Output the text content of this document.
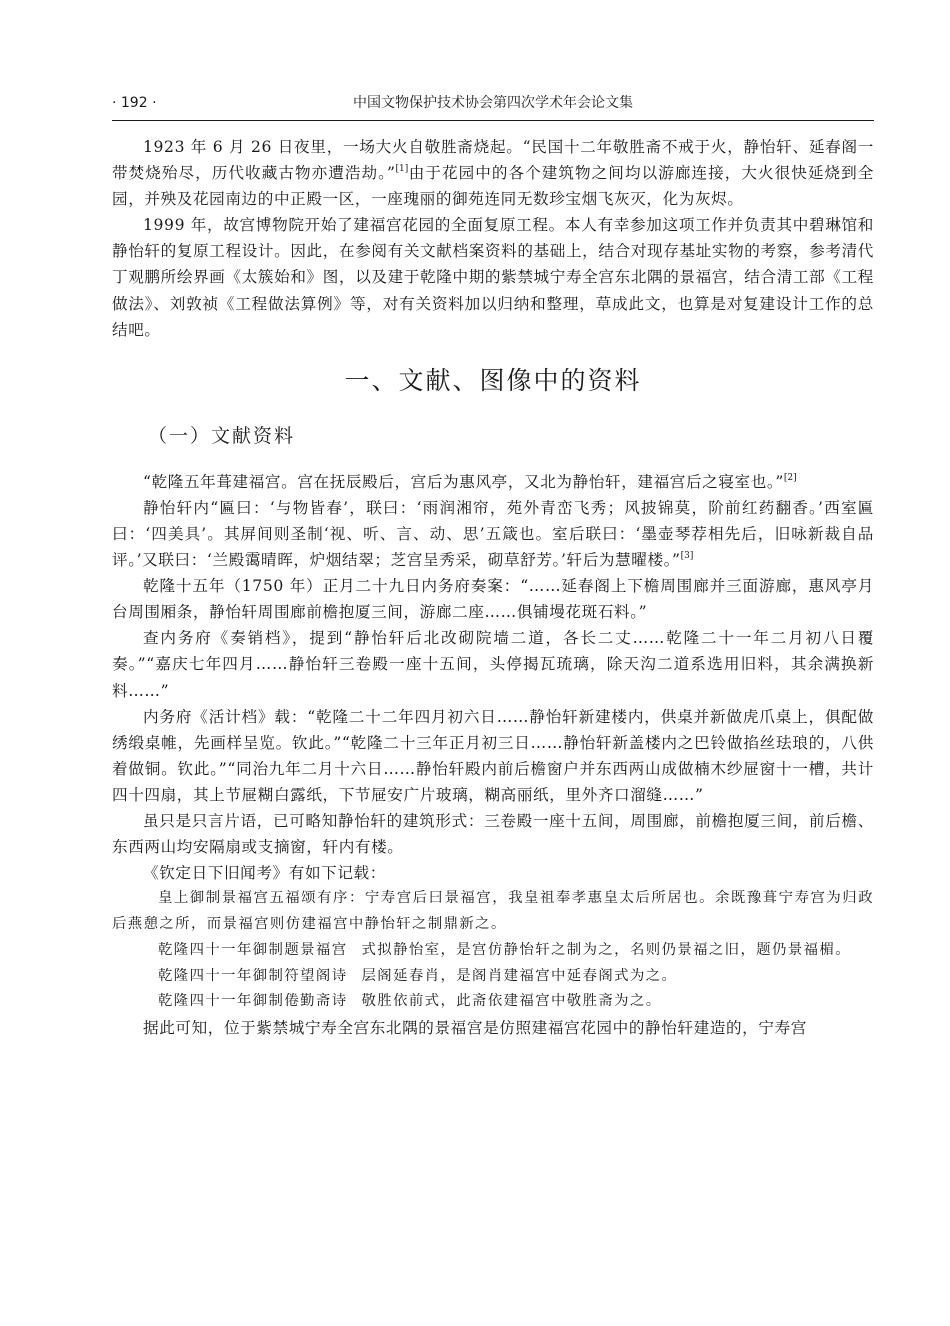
· 192 ·	中国文物保护技术协会第四次学术年会论文集

1923 年 6 月 26 日夜里，一场大火自敬胜斋烧起。“民国十二年敬胜斋不戒于火，静怡轩、延春阁一带焚烧殆尽，历代收藏古物亦遭浩劫。”[1]由于花园中的各个建筑物之间均以游廊连接，大火很快延烧到全园，并殃及花园南边的中正殿一区，一座瑰丽的御苑连同无数珍宝烟飞灰灭，化为灰烬。

1999 年，故宫博物院开始了建福宫花园的全面复原工程。本人有幸参加这项工作并负责其中碧琳馆和静怡轩的复原工程设计。因此，在参阅有关文献档案资料的基础上，结合对现存基址实物的考察，参考清代丁观鹏所绘界画《太簇始和》图，以及建于乾隆中期的紫禁城宁寿全宫东北隅的景福宫，结合清工部《工程做法》、刘敦祯《工程做法算例》等，对有关资料加以归纳和整理，草成此文，也算是对复建设计工作的总结吧。

一、文献、图像中的资料
（一）文献资料

“乾隆五年葺建福宫。宫在抚辰殿后，宫后为惠风亭，又北为静怡轩，建福宫后之寝室也。”[2]

静怡轩内“匾曰：‘与物皆春’，联曰：‘雨润湘帘，苑外青峦飞秀；风披锦莫，阶前红药翻香。’西室匾曰：‘四美具’。其屏间则圣制‘视、听、言、动、思’五箴也。室后联曰：‘墨壶琴荐相先后，旧咏新裁自品评。’又联曰：‘兰殿霭晴晖，炉烟结翠；芝宫呈秀采，砌草舒芳。’轩后为慧曜楼。”[3]

乾隆十五年（1750 年）正月二十九日内务府奏案：“……延春阁上下檐周围廊并三面游廊，惠风亭月台周围厢条，静怡轩周围廊前檐抱厦三间，游廊二座……俱铺墁花斑石料。”

查内务府《奏销档》，提到“静怡轩后北改砌院墙二道，各长二丈……乾隆二十一年二月初八日覆奏。”“嘉庆七年四月……静怡轩三卷殿一座十五间，头停揭瓦琉璃，除天沟二道系选用旧料，其余满换新料……”

内务府《活计档》载：“乾隆二十二年四月初六日……静怡轩新建楼内，供桌并新做虎爪桌上，俱配做绣缎桌帷，先画样呈览。钦此。”“乾隆二十三年正月初三日……静怡轩新盖楼内之巴铃做掐丝珐琅的，八供着做铜。钦此。”“同治九年二月十六日……静怡轩殿内前后檐窗户并东西两山成做楠木纱屉窗十一槽，共计四十四扇，其上节屉糊白露纸，下节屉安广片玻璃，糊高丽纸，里外齐口溜缝……”

虽只是只言片语，已可略知静怡轩的建筑形式：三卷殿一座十五间，周围廊，前檐抱厦三间，前后檐、东西两山均安隔扇或支摘窗，轩内有楼。

《钦定日下旧闻考》有如下记载：

皇上御制景福宫五福颂有序：宁寿宫后曰景福宫，我皇祖奉孝惠皇太后所居也。余既豫葺宁寿宫为归政后燕憩之所，而景福宫则仿建福宫中静怡轩之制鼎新之。

乾隆四十一年御制题景福宫 式拟静怡室，是宫仿静怡轩之制为之，名则仍景福之旧，题仍景福楣。

乾隆四十一年御制符望阁诗 层阁延春肖，是阁肖建福宫中延春阁式为之。

乾隆四十一年御制倦勤斋诗 敬胜依前式，此斋依建福宫中敬胜斋为之。

据此可知，位于紫禁城宁寿全宫东北隅的景福宫是仿照建福宫花园中的静怡轩建造的，宁寿宫
